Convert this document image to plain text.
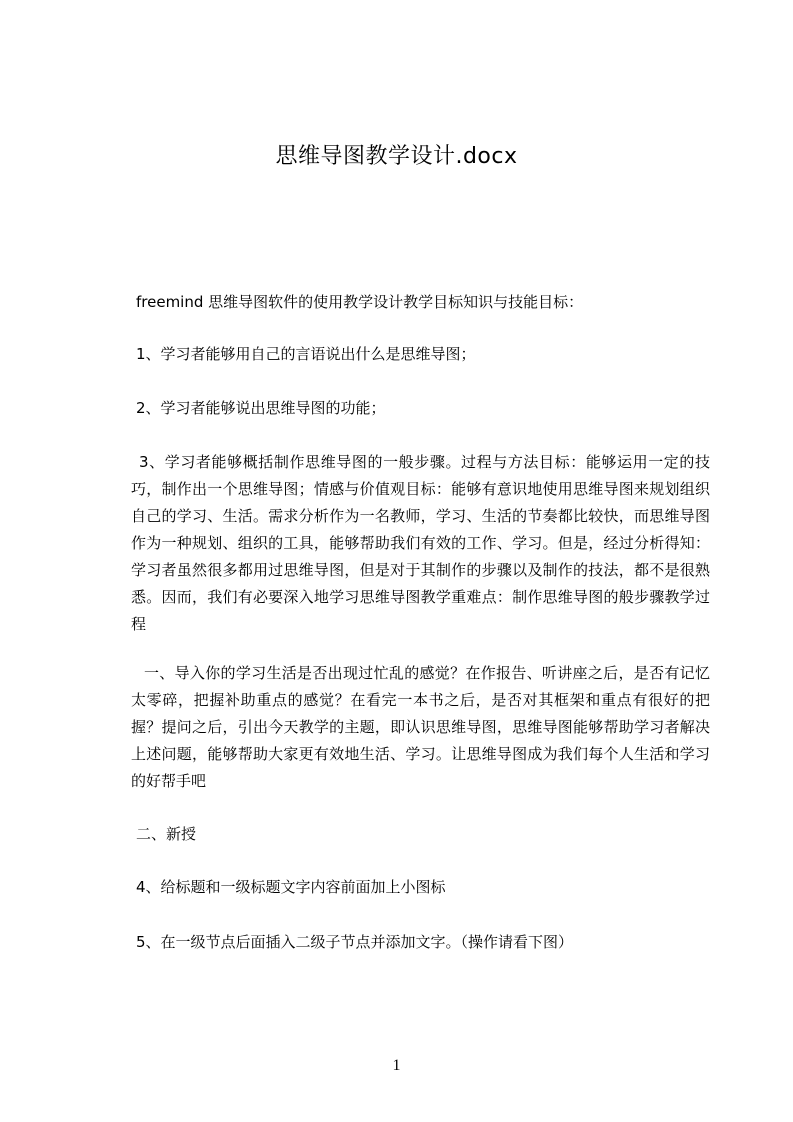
思维导图教学设计.docx

freemind 思维导图软件的使用教学设计教学目标知识与技能目标：

1、学习者能够用自己的言语说出什么是思维导图；

2、学习者能够说出思维导图的功能；

3、学习者能够概括制作思维导图的一般步骤。过程与方法目标：能够运用一定的技巧，制作出一个思维导图；情感与价值观目标：能够有意识地使用思维导图来规划组织自己的学习、生活。需求分析作为一名教师，学习、生活的节奏都比较快，而思维导图作为一种规划、组织的工具，能够帮助我们有效的工作、学习。但是，经过分析得知：学习者虽然很多都用过思维导图，但是对于其制作的步骤以及制作的技法，都不是很熟悉。因而，我们有必要深入地学习思维导图教学重难点：制作思维导图的般步骤教学过程

一、导入你的学习生活是否出现过忙乱的感觉？在作报告、听讲座之后，是否有记忆太零碎，把握补助重点的感觉？在看完一本书之后，是否对其框架和重点有很好的把握？提问之后，引出今天教学的主题，即认识思维导图，思维导图能够帮助学习者解决上述问题，能够帮助大家更有效地生活、学习。让思维导图成为我们每个人生活和学习的好帮手吧

二、新授

4、给标题和一级标题文字内容前面加上小图标

5、在一级节点后面插入二级子节点并添加文字。（操作请看下图）

1
